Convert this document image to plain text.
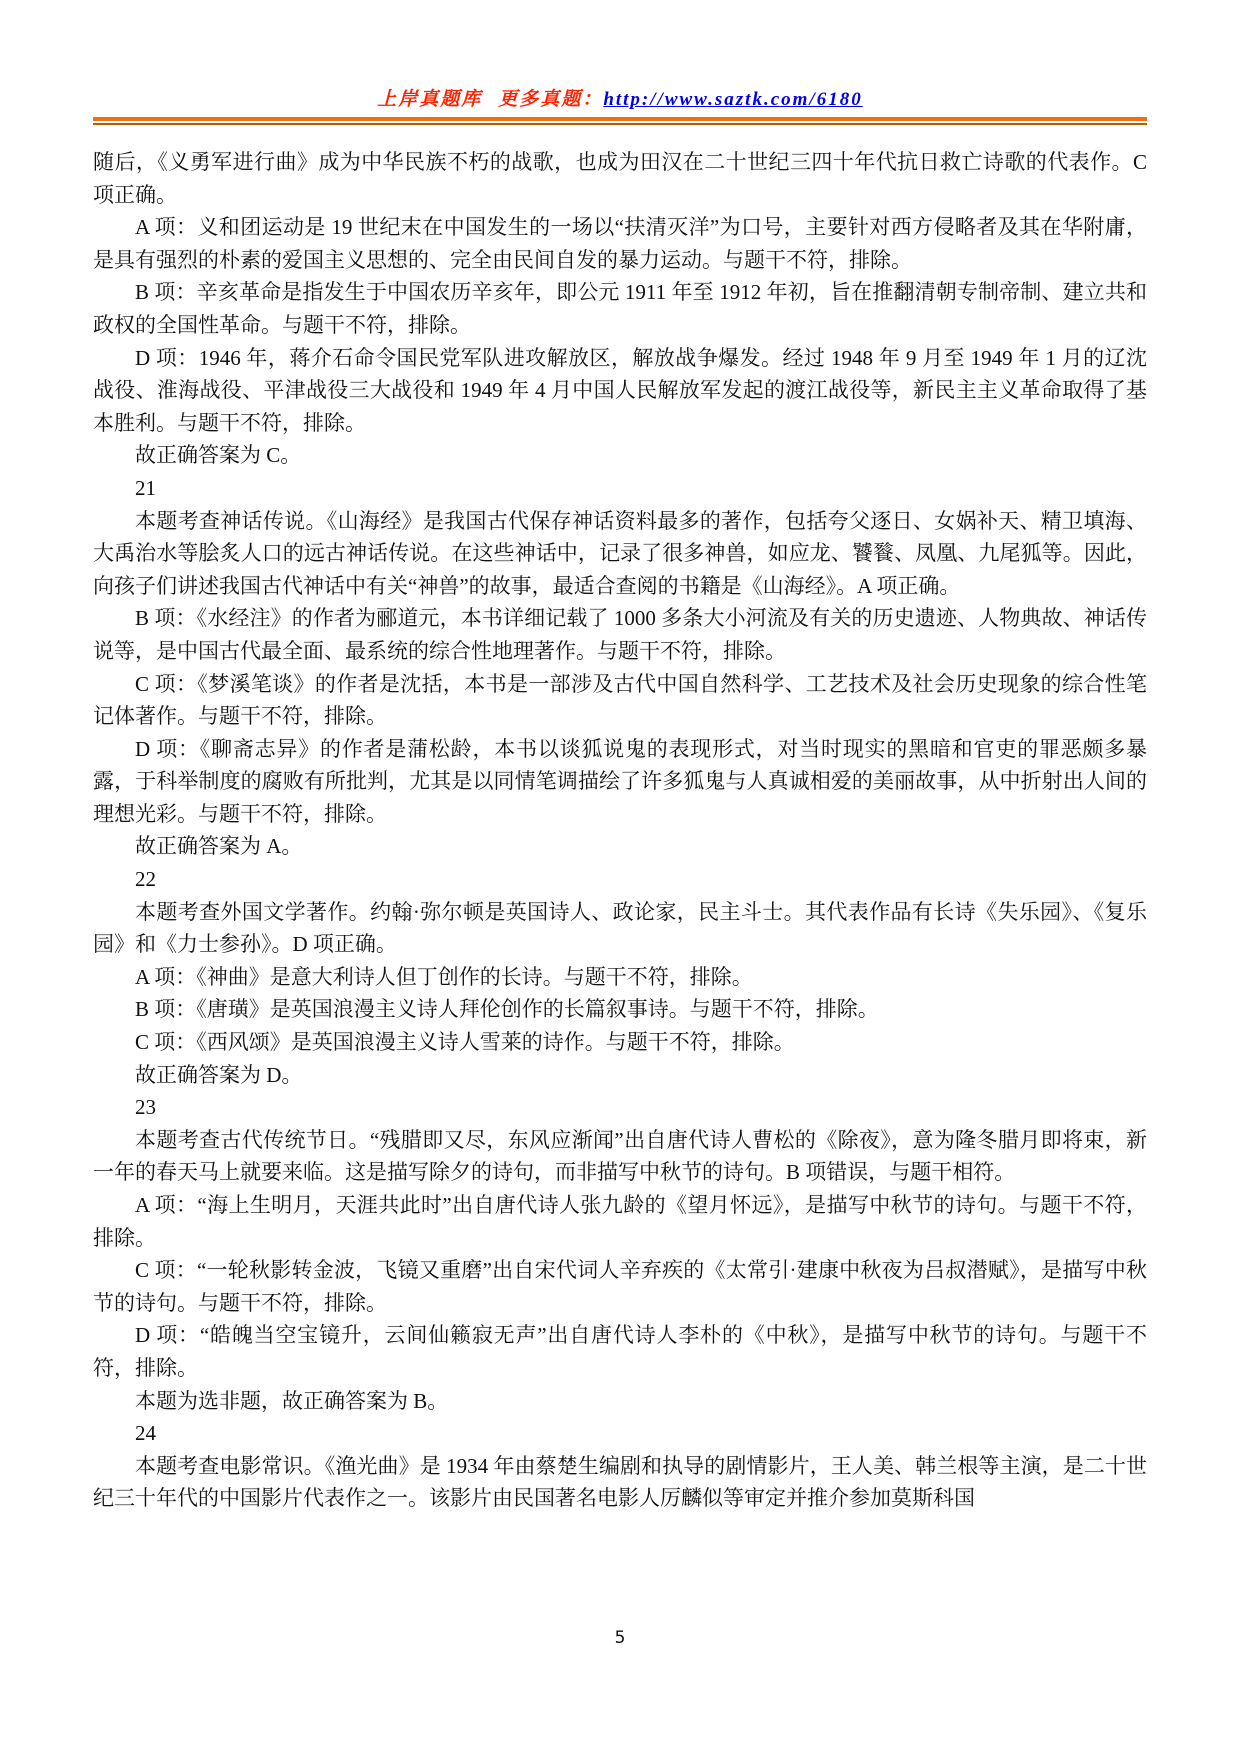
上岸真题库 更多真题：http://www.saztk.com/6180

随后，《义勇军进行曲》成为中华民族不朽的战歌，也成为田汉在二十世纪三四十年代抗日救亡诗歌的代表作。C 项正确。

A 项：义和团运动是 19 世纪末在中国发生的一场以“扶清灭洋”为口号，主要针对西方侵略者及其在华附庸，是具有强烈的朴素的爱国主义思想的、完全由民间自发的暴力运动。与题干不符，排除。

B 项：辛亥革命是指发生于中国农历辛亥年，即公元 1911 年至 1912 年初，旨在推翻清朝专制帝制、建立共和政权的全国性革命。与题干不符，排除。

D 项：1946 年，蒋介石命令国民党军队进攻解放区，解放战争爆发。经过 1948 年 9 月至 1949 年 1 月的辽沈战役、淮海战役、平津战役三大战役和 1949 年 4 月中国人民解放军发起的渡江战役等，新民主主义革命取得了基本胜利。与题干不符，排除。

故正确答案为 C。

21

本题考查神话传说。《山海经》是我国古代保存神话资料最多的著作，包括夸父逐日、女娲补天、精卫填海、大禹治水等脍炙人口的远古神话传说。在这些神话中，记录了很多神兽，如应龙、饕餮、凤凰、九尾狐等。因此，向孩子们讲述我国古代神话中有关“神兽”的故事，最适合查阅的书籍是《山海经》。A 项正确。

B 项：《水经注》的作者为郦道元，本书详细记载了 1000 多条大小河流及有关的历史遗迹、人物典故、神话传说等，是中国古代最全面、最系统的综合性地理著作。与题干不符，排除。

C 项：《梦溪笔谈》的作者是沈括，本书是一部涉及古代中国自然科学、工艺技术及社会历史现象的综合性笔记体著作。与题干不符，排除。

D 项：《聊斋志异》的作者是蒲松龄，本书以谈狐说鬼的表现形式，对当时现实的黑暗和官吏的罪恶颇多暴露，于科举制度的腐败有所批判，尤其是以同情笔调描绘了许多狐鬼与人真诚相爱的美丽故事，从中折射出人间的理想光彩。与题干不符，排除。

故正确答案为 A。

22

本题考查外国文学著作。约翰·弥尔顿是英国诗人、政论家，民主斗士。其代表作品有长诗《失乐园》、《复乐园》和《力士参孙》。D 项正确。

A 项：《神曲》是意大利诗人但丁创作的长诗。与题干不符，排除。

B 项：《唐璜》是英国浪漫主义诗人拜伦创作的长篇叙事诗。与题干不符，排除。

C 项：《西风颂》是英国浪漫主义诗人雪莱的诗作。与题干不符，排除。

故正确答案为 D。

23

本题考查古代传统节日。“残腊即又尽，东风应渐闻”出自唐代诗人曹松的《除夜》，意为隆冬腊月即将束，新一年的春天马上就要来临。这是描写除夕的诗句，而非描写中秋节的诗句。B 项错误，与题干相符。

A 项：“海上生明月，天涯共此时”出自唐代诗人张九龄的《望月怀远》，是描写中秋节的诗句。与题干不符，排除。

C 项：“一轮秋影转金波，飞镜又重磨”出自宋代词人辛弃疾的《太常引·建康中秋夜为吕叔潜赋》，是描写中秋节的诗句。与题干不符，排除。

D 项：“皓魄当空宝镜升，云间仙籁寂无声”出自唐代诗人李朴的《中秋》，是描写中秋节的诗句。与题干不符，排除。

本题为选非题，故正确答案为 B。

24

本题考查电影常识。《渔光曲》是 1934 年由蔡楚生编剧和执导的剧情影片，王人美、韩兰根等主演，是二十世纪三十年代的中国影片代表作之一。该影片由民国著名电影人厉麟似等审定并推介参加莫斯科国

5
